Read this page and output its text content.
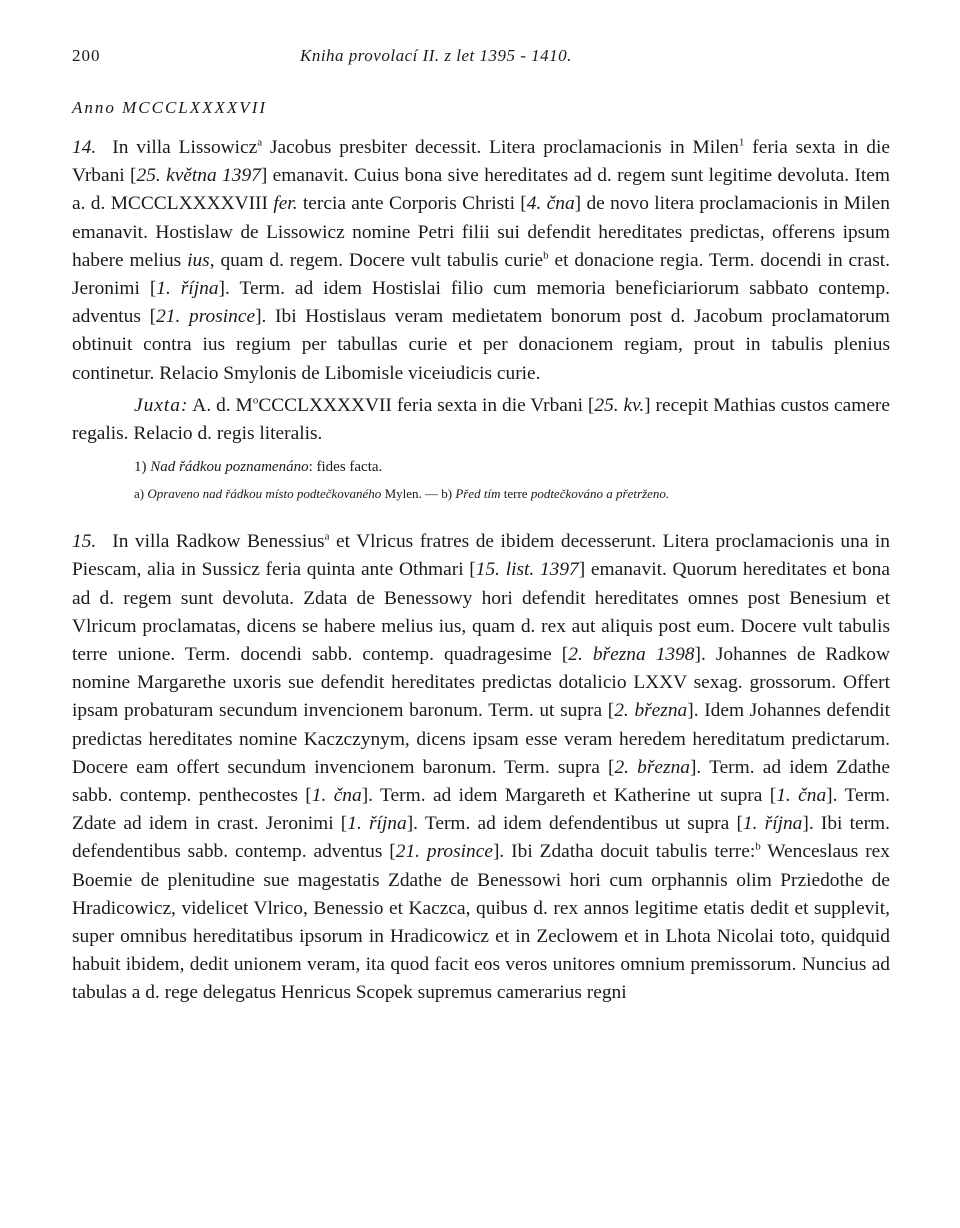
200	Kniha provolací II. z let 1395 - 1410.
Anno MCCCLXXXXVII

14. In villa Lissowicz$^a$ Jacobus presbiter decessit. Litera proclamacionis in Milen$^1$ feria sexta in die Vrbani [25. května 1397] emanavit. Cuius bona sive hereditates ad d. regem sunt legitime devoluta. Item a. d. MCCCLXXXXVIII fer. tercia ante Corporis Christi [4. čna] de novo litera proclamacionis in Milen emanavit. Hostislaw de Lissowicz nomine Petri filii sui defendit hereditates predictas, offerens ipsum habere melius ius, quam d. regem. Docere vult tabulis curie$^b$ et donacione regia. Term. docendi in crast. Jeronimi [1. října]. Term. ad idem Hostislai filio cum memoria beneficiariorum sabbato contemp. adventus [21. prosince]. Ibi Hostislaus veram medietatem bonorum post d. Jacobum proclamatorum obtinuit contra ius regium per tabullas curie et per donacionem regiam, prout in tabulis plenius continetur. Relacio Smylonis de Libomisle viceiudicis curie.

Juxta: A. d. $M^oCCCLXXXXVII$ feria sexta in die Vrbani [25. kv.] recepit Mathias custos camere regalis. Relacio d. regis literalis.

1) Nad řádkou poznamenáno: fides facta.

a) Opraveno nad řádkou místo podtečkovaného Mylen. — b) Před tím terre podtečkováno a přetrženo.

15. In villa Radkow Benessius$^a$ et Vlricus fratres de ibidem decesserunt. Litera proclamacionis una in Piescam, alia in Sussicz feria quinta ante Othmari [15. list. 1397] emanavit. Quorum hereditates et bona ad d. regem sunt devoluta. Zdata de Benessowy hori defendit hereditates omnes post Benesium et Vlricum proclamatas, dicens se habere melius ius, quam d. rex aut aliquis post eum. Docere vult tabulis terre unione. Term. docendi sabb. contemp. quadragesime [2. března 1398]. Johannes de Radkow nomine Margarethe uxoris sue defendit hereditates predictas dotalicio LXXV sexag. grossorum. Offert ipsam probaturam secundum invencionem baronum. Term. ut supra [2. března]. Idem Johannes defendit predictas hereditates nomine Kaczczynym, dicens ipsam esse veram heredem hereditatum predictarum. Docere eam offert secundum invencionem baronum. Term. supra [2. března]. Term. ad idem Zdathe sabb. contemp. penthecostes [1. čna]. Term. ad idem Margareth et Katherine ut supra [1. čna]. Term. Zdate ad idem in crast. Jeronimi [1. října]. Term. ad idem defendentibus ut supra [1. října]. Ibi term. defendentibus sabb. contemp. adventus [21. prosince]. Ibi Zdatha docuit tabulis terre:$^b$ Wenceslaus rex Boemie de plenitudine sue magestatis Zdathe de Benessowi hori cum orphannis olim Prziedothe de Hradicowicz, videlicet Vlrico, Benessio et Kaczca, quibus d. rex annos legitime etatis dedit et supplevit, super omnibus hereditatibus ipsorum in Hradicowicz et in Zeclowem et in Lhota Nicolai toto, quidquid habuit ibidem, dedit unionem veram, ita quod facit eos veros unitores omnium premissorum. Nuncius ad tabulas a d. rege delegatus Henricus Scopek supremus camerarius regni
